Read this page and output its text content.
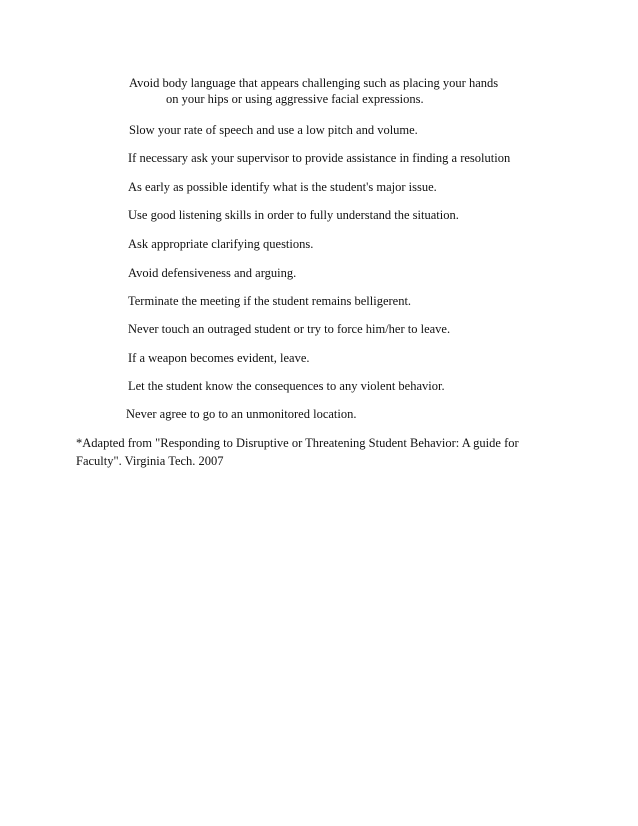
Avoid body language that appears challenging such as placing your hands
on your hips or using aggressive facial expressions.
Slow your rate of speech and use a low pitch and volume.
If necessary ask your supervisor to provide assistance in finding a resolution
As early as possible identify what is the student's major issue.
Use good listening skills in order to fully understand the situation.
Ask appropriate clarifying questions.
Avoid defensiveness and arguing.
Terminate the meeting if the student remains belligerent.
Never touch an outraged student or try to force him/her to leave.
If a weapon becomes evident, leave.
Let the student know the consequences to any violent behavior.
Never agree to go to an unmonitored location.

*Adapted from "Responding to Disruptive or Threatening Student Behavior: A guide for Faculty". Virginia Tech. 2007
